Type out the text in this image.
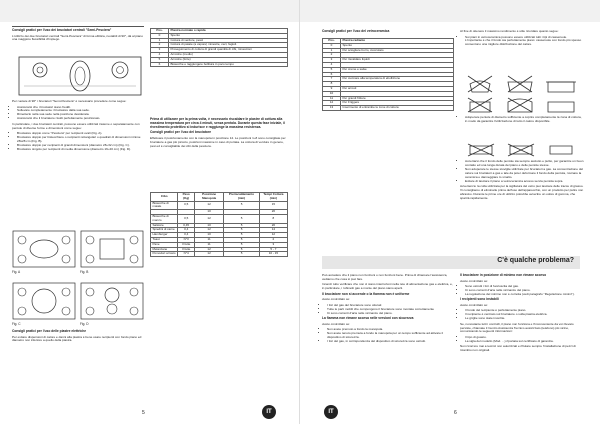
Consigli pratici per l'uso dei bruciatori centrali "Semi-Pesciera"

L'utilizzo dei due bruciatori centrali "Semi-Pesciera" di forma ellittica, ruotabili di 90°, dà al piano una maggiore flessibilità d'impiego.

Per ruotare di 90° i bruciatori "Semi-Pesciera" è necessario procedere come segue:

• Assicurarsi che i bruciatori siano freddi.
• Sollevare completamente i bruciatore dalla sua sede.
• Rimetterlo nella sua sede nella posizione desiderata.
• Assicurarsi che il bruciatore risulti perfettamente posizionato.

In particolare, i due bruciatori centrali, possono essere utilizzati insieme o separatamente con pentole di diverse forme e dimensioni come segue:

• Bruciatore doppio come "Pesciera" per recipienti ovali (Fig. A).
• Bruciatore doppio per bistecchiere o recipienti rettangolari o quadrati di dimensioni minime 28x28 cm (Fig. B).
• Bruciatore doppio per recipienti di grandi dimensioni (diametro 28÷32 cm) (Fig. C).
• Bruciatore singolo per recipienti di media dimensione (diametro 16÷20 cm) (Fig. D).
Fig. A	Fig. B
Fig. C	Fig. D

Consigli pratici per l'uso delle piastre elettriche

Per evitare dispersioni di calore e danni alla piastra è bene usare recipienti con fondo piano ed diametro non inferiore a quello della piastra.

Pos.	Piastra normale o rapida
0	Spento
1	Cottura di verdure, pesci
2	Cottura di patate (a vapore) minestre, ceci, fagioli.
3	Proseguimento di cottura di grandi quantità di cibi, minestroni
4	Arrostire (medio)
5	Arrostire (forte)
6	Bistecche e raggiungere bollitura in poco tempo

Prima di utilizzare per la prima volta, è necessario riscaldare le piastre di cottura alla massima temperatura per circa 4 minuti, senza pentola. Durante questa fase iniziale, il rivestimento protettivo si indurisce e raggiunge la massima resistenza.

Consigli pratici per l'uso del bruciatore

Effettuare il posizionamento con la manopola in posizione 12. Le posizioni 1÷8 sono consigliate per bruciatore a gas più piccolo, posizioni massime in caso di portata. La cottura di verdure in genere, pesi ed è consigliabile dei cibi della pesciera.

Cibo	Peso (Kg)	Posizione Manopola	Preriscaldamento (min)	Tempi Cottura (min)
Bistecche di maiale	0,5	12	5	15
		10		20
Bistecche di manzo	0,5	12	5	8
Salsicce	0,45	10	5	20
Spiedini di carne	0,4	12	5	14
Hamburger	0,4	10	5	12
Toast	N°3	11	5	2
Pane	3 fette	11	5	3
Melanzane	3 fette	12	5	5 - 7
Pomodori arrosto	N°4	12	5	10 - 15
5	IT

Consigli pratici per l'uso del vetroceramica

Pos.	Piastra radiante
0	Spento
1	Per sciogliere burro, cioccolato
2	
3	Per riscaldare liquidi
4	
5	Per creme e salse
6	
7	Per cucinare alla temperatura di ebollizione
8	
9	Per arrosti
10	
11	Per grandi fritture
12	Per Friggere
13	Inserimento di entrambe le zone di cottura

Al fine di ottenere il massimo rendimento è utile ricordare quanto segue:

• Sui piani in vetroceramica possono essere utilizzati tutti i tipi di casseruole. L'importante è che il fondo sia perfettamente piano: casseruole con fondo più spesso consentono una migliore distribuzione del calore.
• Adoperare pentole di diametro sufficiente a coprire completamente la zona di cottura, in modo da garantire l'utilizzazione di tutto il calore disponibile.
• Accertarsi che il fondo delle pentole sia sempre asciutto e pulito, per garantire un buon contatto ed una lunga durata del piano e delle pentole stesse.
• Non adoperare le stesse stoviglie utilizzate per bruciatori a gas. La concentrazione del calore sui bruciatori a gas e tale da poter deformare il fondo della pentola, rovinare la ceramica e danneggiare lo smalto.
• Evitare di lasciare il piano a vetroceramica acceso senza pentola sopra.

Avvertenza: la colla utilizzata per la sigillatura del vetro può lasciare delle tracce di grasso. Vi consigliamo di eliminarle prima dell'uso dell'apparecchio, con un prodotto per pulire non abrasivo. Durante le prime ore di utilizzo potrebbe avvertire un odore di gomma, che sparirà rapidamente.

C'è qualche problema?

Può accadere che il piano non funzioni o non funzioni bene. Prima di chiamare l'assistenza, vediamo che cosa si può fare.

Innanzi tutto verificare che non ci siano interruzioni nella rete di alimentazione gas e elettrica, e, in particolare, i rubinetti gas a monte del piano siano aperti.

Il bruciatore non si accende o la fiamma non è uniforme

Avete controllato se:

• I fori del gas del bruciatore sono otturati
• Tutte le parti mobili che compongono il bruciatore sono montate correttamente
• Ci sono correnti d'aria nelle vicinanze del piano.

La fiamma non rimane accesa nelle versioni con sicurezza

Avete controllato se:

• Non avete premuto a fondo la manopola.
• Non avete tenuto premuta a fondo la manopola per un tempo sufficiente ad attivare il dispositivo di sicurezza.
• I fori del gas, in corrispondenza del dispositivo di sicurezza sono ostruiti.

Il bruciatore in posizione di minimo non rimane acceso

Avete controllato se:

• Sono ostruiti i fori di fuoriuscita del gas.
• Ci sono correnti d'aria nelle vicinanze del piano.
• La regolazione del minimo non è corretta (vedi paragrafo "Regolazione minimi").

I recipienti sono instabili

Avete controllato se:

• Il fondo del recipiente è perfettamente piano.
• Il recipiente è centrato sul bruciatore o sulla piastra elettrica.
• Le griglie sono state invertite.

Se, nonostante tutti i controlli, il piano non funziona e l'inconveniente da voi rilevato persiste, chiamate il Centro Assistenza Tecnico autorizzato (telefono) più vicino, comunicando le seguenti informazioni:

• Il tipo di guasto.
• La sigla del modello (Mod. ...) riportata sul certificato di garanzia.

Non ricorrere mai a tecnici non autorizzati e rifiutare sempre l'installazione di pezzi di ricambio non originali.

IT	6
